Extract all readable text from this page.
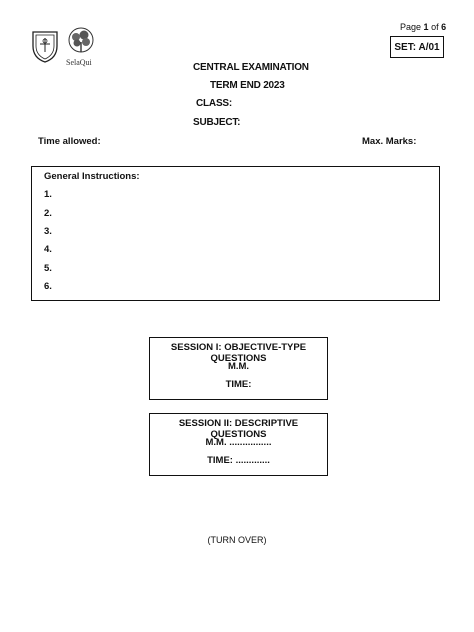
SelaQui
Page 1 of 6
SET: A/01
CENTRAL EXAMINATION
TERM END 2023
CLASS:
SUBJECT:
Time allowed:	Max. Marks:
General Instructions:
1.
2.
3.
4.
5.
6.
SESSION I: OBJECTIVE-TYPE QUESTIONS
M.M.
TIME:
SESSION II: DESCRIPTIVE QUESTIONS
M.M. ................
TIME: .............
(TURN OVER)
